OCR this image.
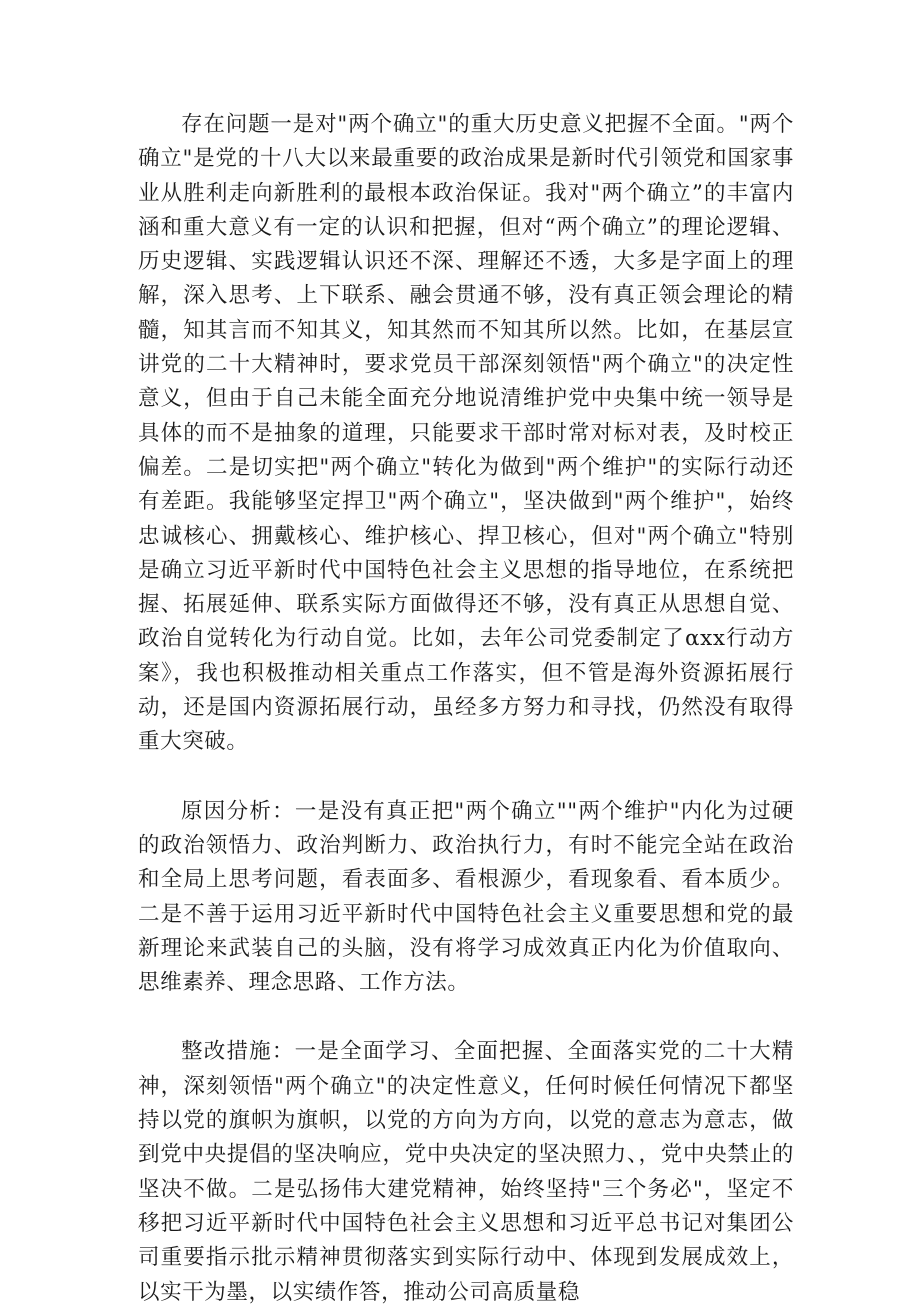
存在问题一是对"两个确立"的重大历史意义把握不全面。"两个确立"是党的十八大以来最重要的政治成果是新时代引领党和国家事业从胜利走向新胜利的最根本政治保证。我对"两个确立”的丰富内涵和重大意义有一定的认识和把握，但对“两个确立”的理论逻辑、历史逻辑、实践逻辑认识还不深、理解还不透，大多是字面上的理解，深入思考、上下联系、融会贯通不够，没有真正领会理论的精髓，知其言而不知其义，知其然而不知其所以然。比如，在基层宣讲党的二十大精神时，要求党员干部深刻领悟"两个确立"的决定性意义，但由于自己未能全面充分地说清维护党中央集中统一领导是具体的而不是抽象的道理，只能要求干部时常对标对表，及时校正偏差。二是切实把"两个确立"转化为做到"两个维护"的实际行动还有差距。我能够坚定捍卫"两个确立"，坚决做到"两个维护"，始终忠诚核心、拥戴核心、维护核心、捍卫核心，但对"两个确立"特别是确立习近平新时代中国特色社会主义思想的指导地位，在系统把握、拓展延伸、联系实际方面做得还不够，没有真正从思想自觉、政治自觉转化为行动自觉。比如，去年公司党委制定了αxx行动方案》，我也积极推动相关重点工作落实，但不管是海外资源拓展行动，还是国内资源拓展行动，虽经多方努力和寻找，仍然没有取得重大突破。

原因分析：一是没有真正把"两个确立""两个维护"内化为过硬的政治领悟力、政治判断力、政治执行力，有时不能完全站在政治和全局上思考问题，看表面多、看根源少，看现象看、看本质少。二是不善于运用习近平新时代中国特色社会主义重要思想和党的最新理论来武装自己的头脑，没有将学习成效真正内化为价值取向、思维素养、理念思路、工作方法。

整改措施：一是全面学习、全面把握、全面落实党的二十大精神，深刻领悟"两个确立"的决定性意义，任何时候任何情况下都坚持以党的旗帜为旗帜，以党的方向为方向，以党的意志为意志，做到党中央提倡的坚决响应，党中央决定的坚决照力、，党中央禁止的坚决不做。二是弘扬伟大建党精神，始终坚持"三个务必"，坚定不移把习近平新时代中国特色社会主义思想和习近平总书记对集团公司重要指示批示精神贯彻落实到实际行动中、体现到发展成效上，以实干为墨，以实绩作答，推动公司高质量稳
